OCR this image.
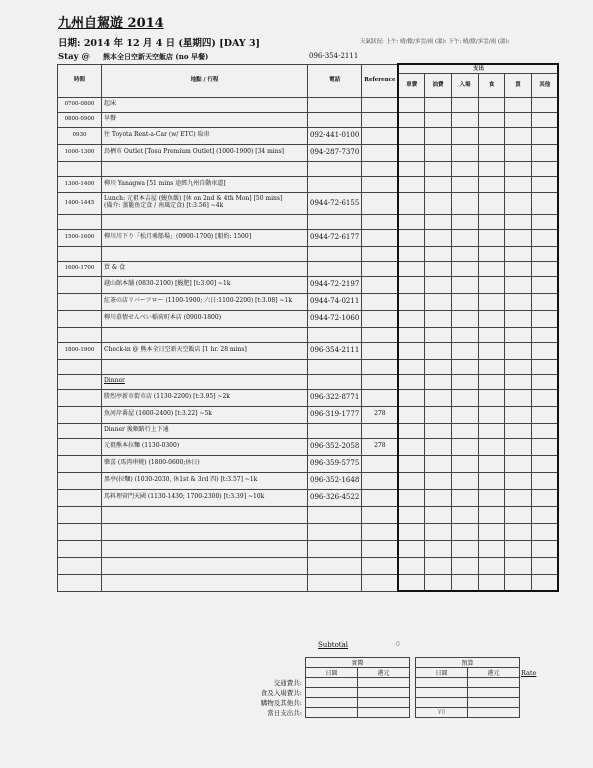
九州自駕遊 2014
日期: 2014 年 12 月 4 日 (星期四) [DAY 3]	天氣狀況: 上午: 晴/陰/多雲/雨 (溫): 下午: 晴/陰/多雲/雨 (溫):
Stay @ 熊本全日空新天空飯店 (no 早餐)	096-354-2111
時間	地點 / 行程	電話	Reference	支出					
				車費	油費	入場	食	買	其他
0700-0800	起床								
0800-0900	早餐								
0930	往 Toyota Rent-a-Car (w/ ETC) 取車	092-441-0100							
1000-1300	鳥栖市 Outlet [Tosu Premium Outlet] (1000-1900) [34 mins]	094-287-7370							

1300-1400	柳川 Yanagwa [51 mins 途經九州自動車道]								
1400-1445	Lunch: 元祖本吉屋 (鰻魚飯) [休 on 2nd & 4th Mon] [50 mins]
(備介: 蒸籠鱼定食 / 南風定食) [t:3.56] ~4k	0944-72-6155							

1500-1600	柳川川下り「松月乘船場」(0900-1700) [船約: 1500]	0944-72-6177							

1600-1700	買 & 食								
	越山館本舗 (0830-2100) [鰻肥] [t:3.00] ~1k	0944-72-2197							
	紅茶の店リバーフロー (1100-1900; 六日:1100-2200) [t:3.08] ~1k	0944-74-0211							
	柳川慕情せんべい稲荷町本店 (0900-1800)	0944-72-1060							

1800-1900	Check-in @ 熊本全日空新天空飯店 [1 hr. 28 mins]	096-354-2111							

	Dinner								
	勝烈亭新市街市店 (1130-2200) [t:3.95] ~2k	096-322-8771							
	魚河岸番屋 (1600-2400) [t:3.22] ~5k	096-319-1777	278						
	Dinner 後順路行上下通								
	元祖熊本拉麵 (1130-0300)	096-352-2058	278						
	樂喜 (馬肉串燒) (1800-0600;休日)	096-359-5775							
	黑亭(拉麵) (1030-2030, 休1st & 3rd 四) [t:3.57] ~1k	096-352-1648							
	馬料理菅門天國 (1130-1430; 1700-2300) [t:3.39] ~10k	096-326-4522							

Subtotal	0
交通費共:
食及入場費共:
購物及其他共:
當日支出共:
Rate
實際			預算	
日圓	港元		日圓	港元

			¥0	
